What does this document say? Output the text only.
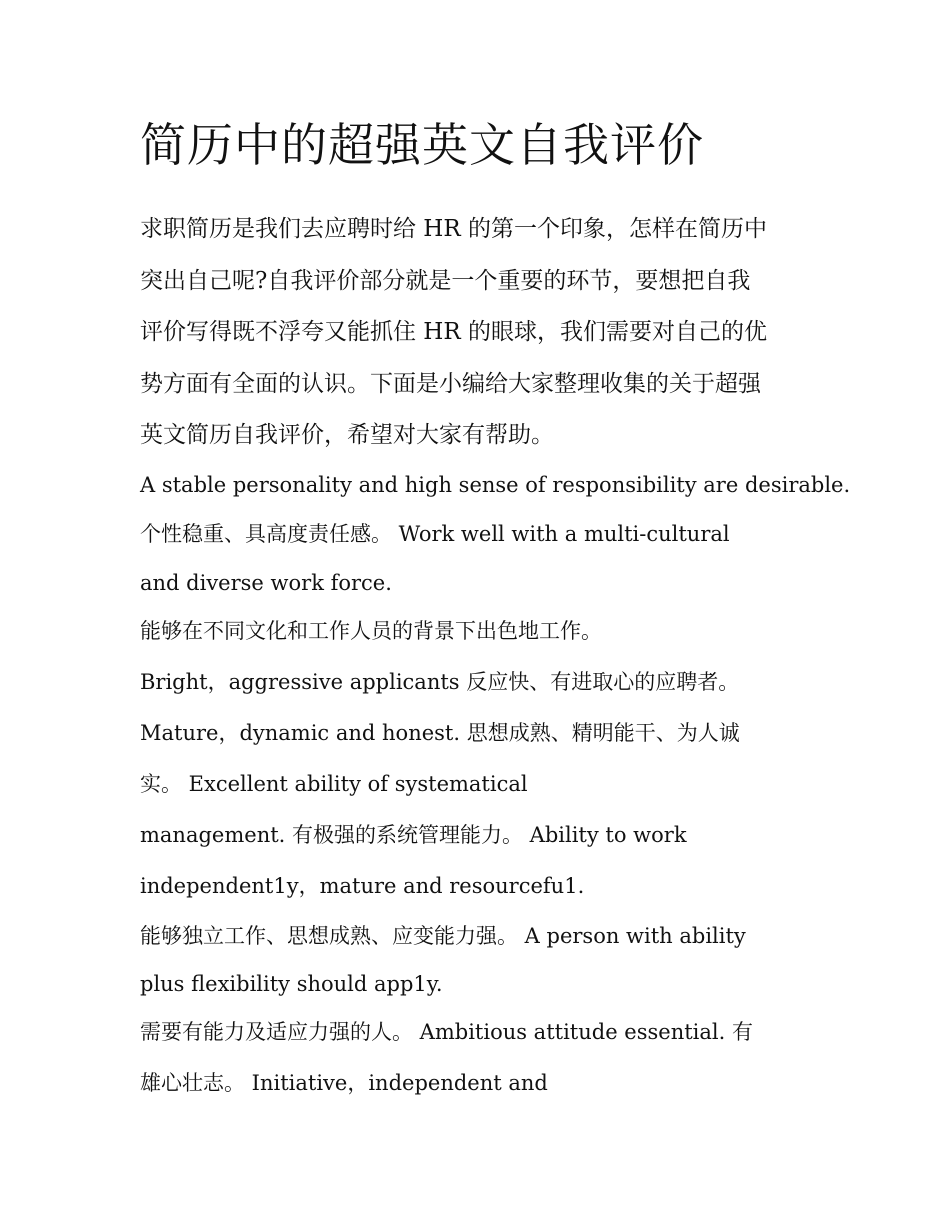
简历中的超强英文自我评价
求职简历是我们去应聘时给 HR 的第一个印象，怎样在简历中
突出自己呢?自我评价部分就是一个重要的环节，要想把自我
评价写得既不浮夸又能抓住 HR 的眼球，我们需要对自己的优
势方面有全面的认识。下面是小编给大家整理收集的关于超强
英文简历自我评价，希望对大家有帮助。
A stable personality and high sense of responsibility are desirable.
个性稳重、具高度责任感。 Work well with a multi-cultural
and diverse work force.
能够在不同文化和工作人员的背景下出色地工作。
Bright，aggressive applicants 反应快、有进取心的应聘者。
Mature，dynamic and honest. 思想成熟、精明能干、为人诚
实。 Excellent ability of systematical
management. 有极强的系统管理能力。 Ability to work
independent1y，mature and resourcefu1.
能够独立工作、思想成熟、应变能力强。 A person with ability
plus flexibility should app1y.
需要有能力及适应力强的人。 Ambitious attitude essential. 有
雄心壮志。 Initiative，independent and
